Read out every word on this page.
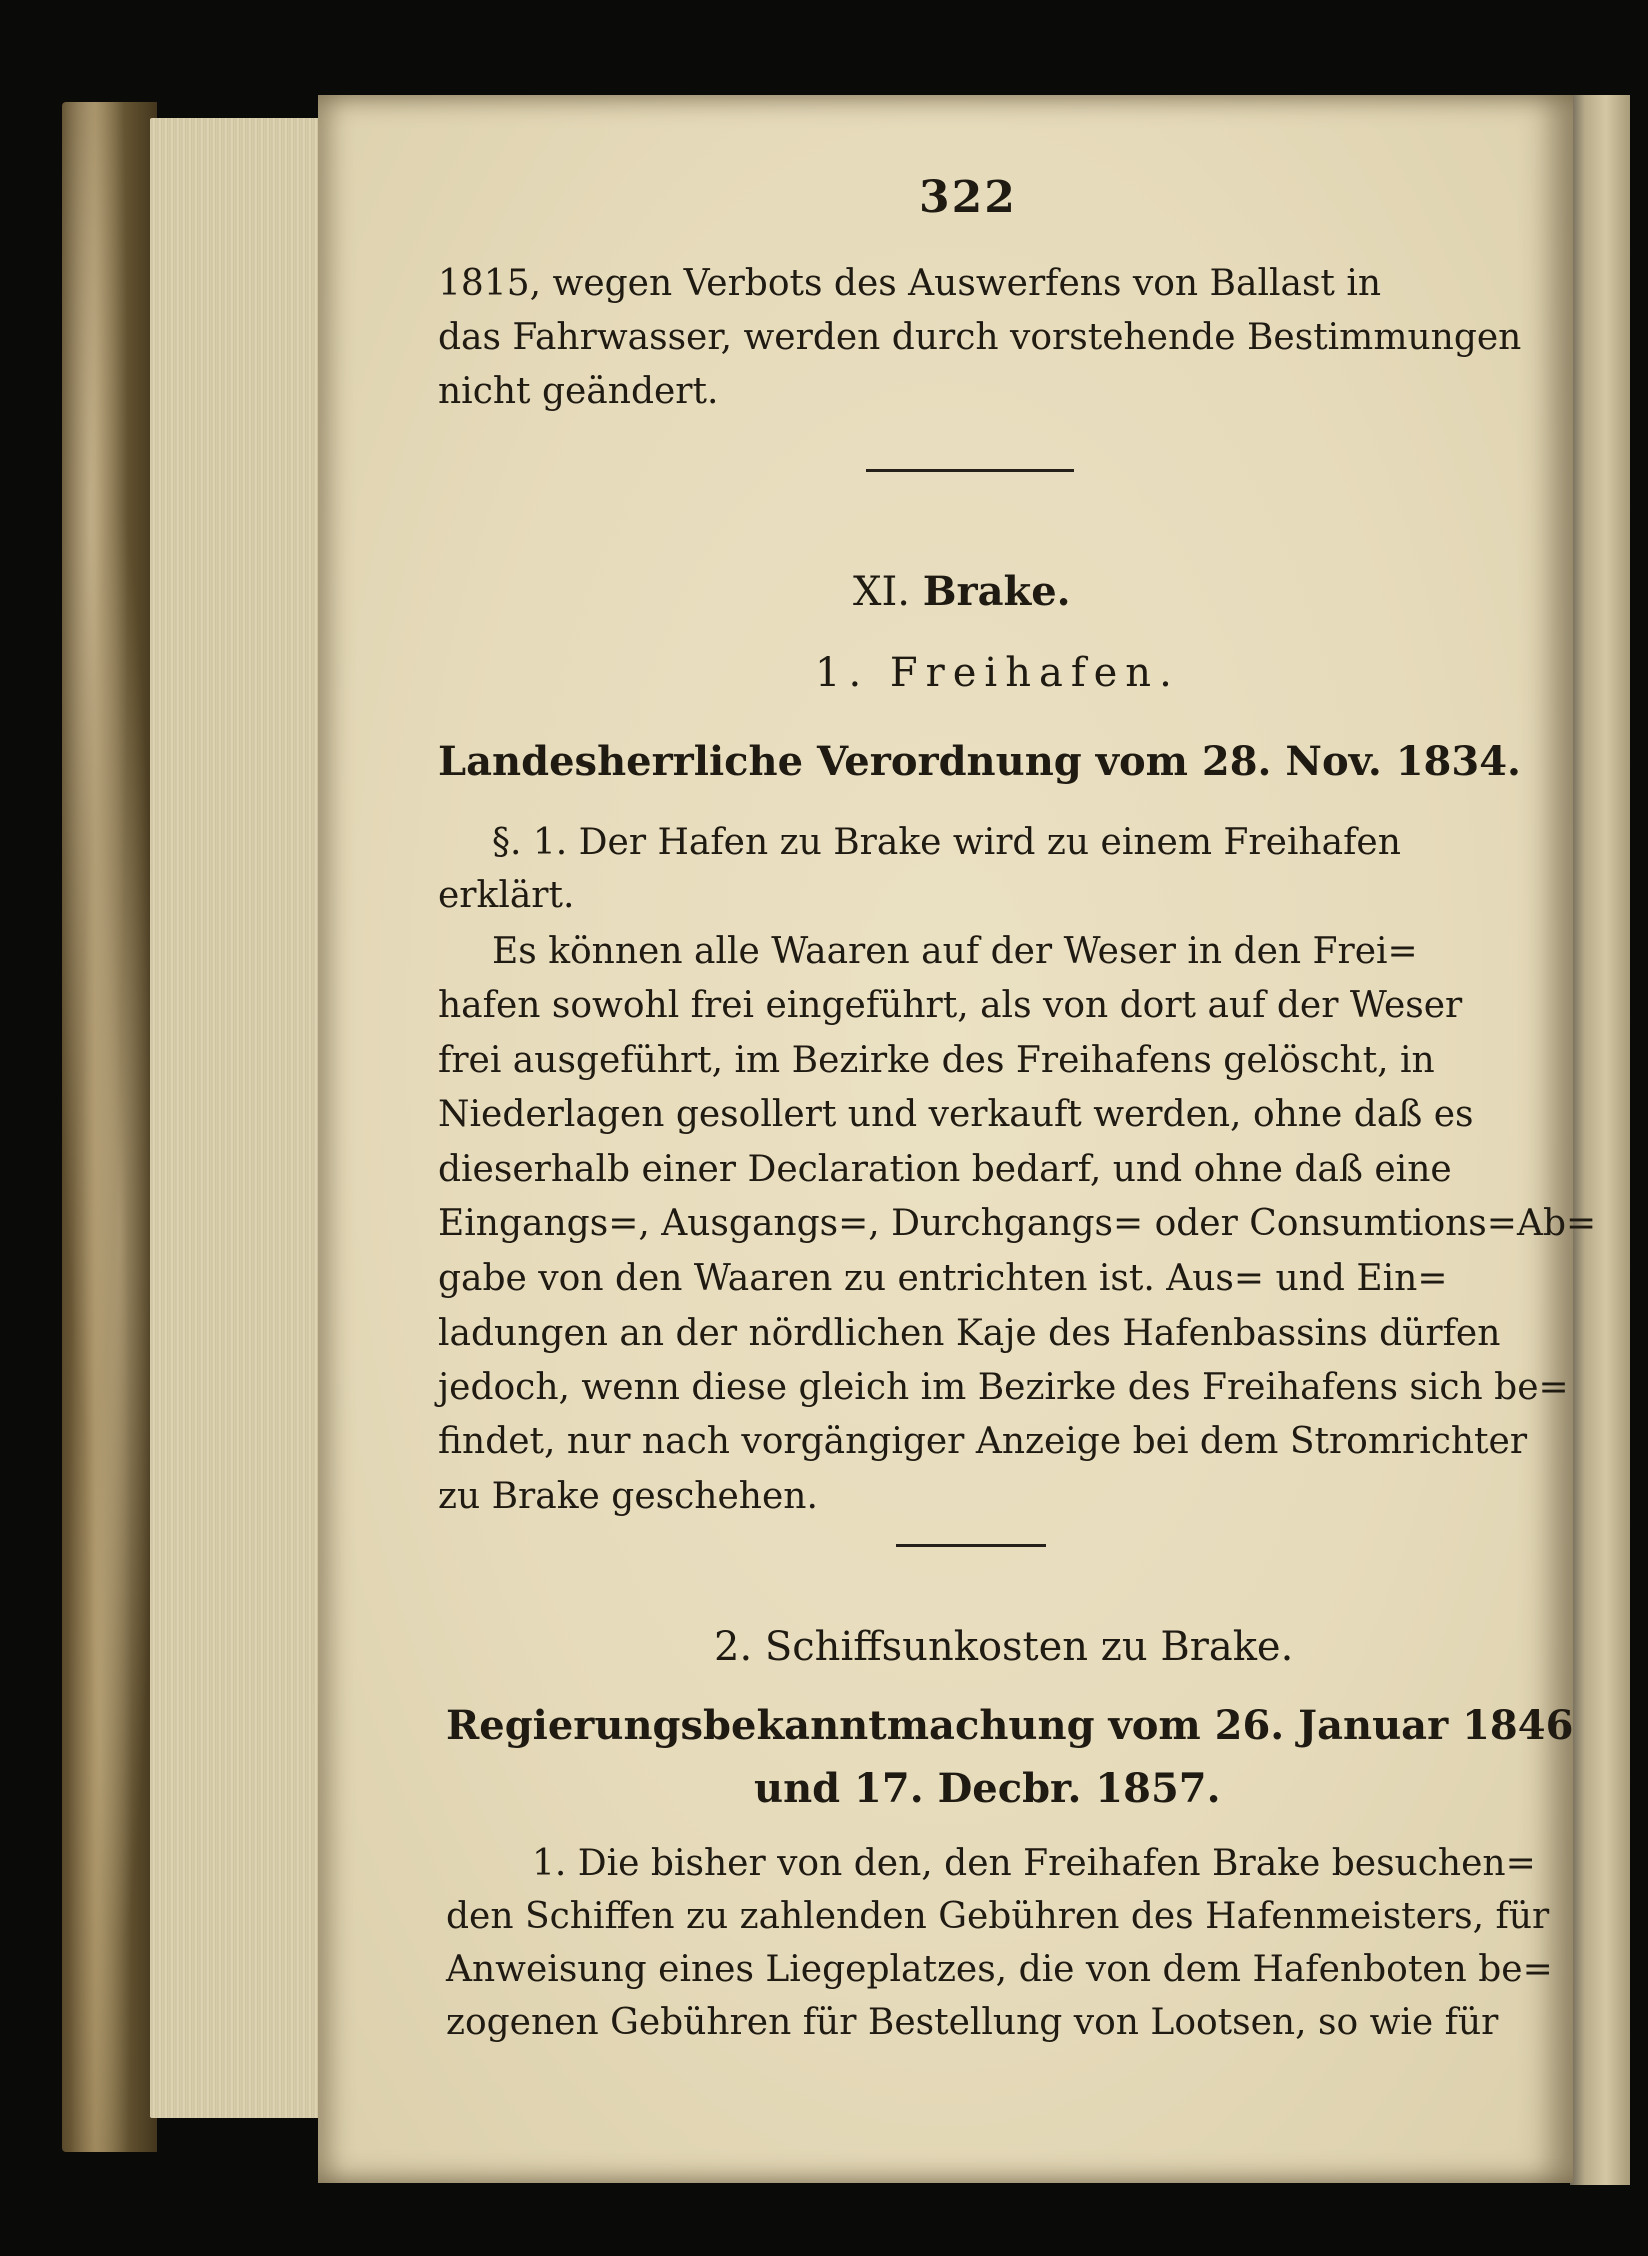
322
1815, wegen Verbots des Auswerfens von Ballast in
das Fahrwasser, werden durch vorstehende Bestimmungen
nicht geändert.
XI. Brake.
1. Freihafen.
Landesherrliche Verordnung vom 28. Nov. 1834.
§. 1. Der Hafen zu Brake wird zu einem Freihafen
erklärt.
Es können alle Waaren auf der Weser in den Frei=
hafen sowohl frei eingeführt, als von dort auf der Weser
frei ausgeführt, im Bezirke des Freihafens gelöscht, in
Niederlagen gesollert und verkauft werden, ohne daß es
dieserhalb einer Declaration bedarf, und ohne daß eine
Eingangs=, Ausgangs=, Durchgangs= oder Consumtions=Ab=
gabe von den Waaren zu entrichten ist. Aus= und Ein=
ladungen an der nördlichen Kaje des Hafenbassins dürfen
jedoch, wenn diese gleich im Bezirke des Freihafens sich be=
findet, nur nach vorgängiger Anzeige bei dem Stromrichter
zu Brake geschehen.
2. Schiffsunkosten zu Brake.
Regierungsbekanntmachung vom 26. Januar 1846
und 17. Decbr. 1857.
1. Die bisher von den, den Freihafen Brake besuchen=
den Schiffen zu zahlenden Gebühren des Hafenmeisters, für
Anweisung eines Liegeplatzes, die von dem Hafenboten be=
zogenen Gebühren für Bestellung von Lootsen, so wie für
